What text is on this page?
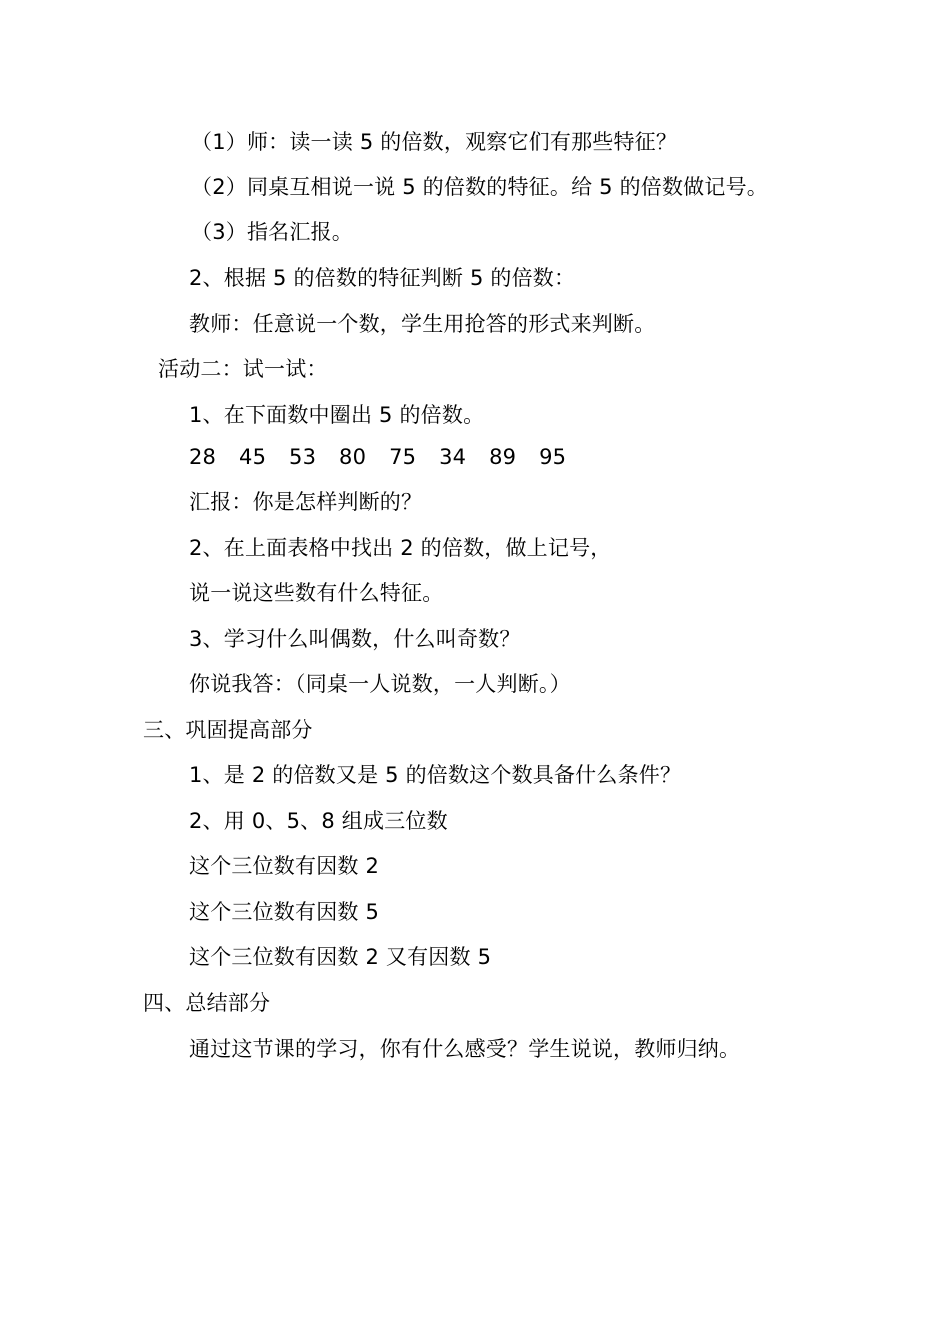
（1）师：读一读 5 的倍数，观察它们有那些特征？
（2）同桌互相说一说 5 的倍数的特征。给 5 的倍数做记号。
（3）指名汇报。
2、根据 5 的倍数的特征判断 5 的倍数：
教师：任意说一个数，学生用抢答的形式来判断。
活动二：试一试：
1、在下面数中圈出 5 的倍数。
28 45 53 80 75 34 89 95
汇报：你是怎样判断的？
2、在上面表格中找出 2 的倍数，做上记号，
说一说这些数有什么特征。
3、学习什么叫偶数，什么叫奇数？
你说我答：（同桌一人说数，一人判断。）
三、巩固提高部分
1、是 2 的倍数又是 5 的倍数这个数具备什么条件？
2、用 0、5、8 组成三位数
这个三位数有因数 2
这个三位数有因数 5
这个三位数有因数 2 又有因数 5
四、总结部分
通过这节课的学习，你有什么感受？学生说说，教师归纳。
